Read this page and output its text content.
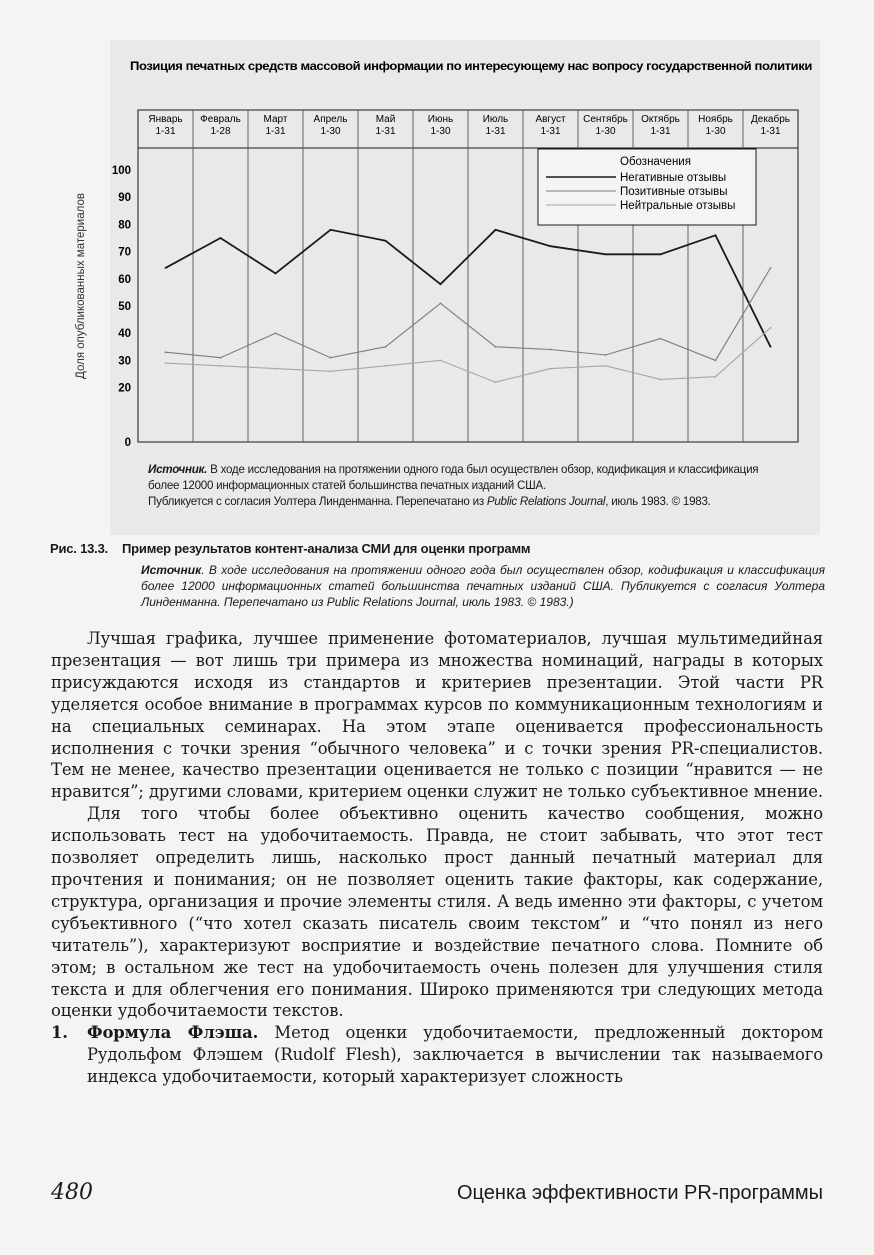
Позиция печатных средств массовой информации по интересующему нас вопросу государственной политики
Доля опубликованных материалов
Январь
1-31
Февраль
1-28
Март
1-31
Апрель
1-30
Май
1-31
Июнь
1-30
Июль
1-31
Август
1-31
Сентябрь
1-30
Октябрь
1-31
Ноябрь
1-30
Декабрь
1-31
0
20
30
40
50
60
70
80
90
100
Обозначения
Негативные отзывы
Позитивные отзывы
Нейтральные отзывы
Источник. В ходе исследования на протяжении одного года был осуществлен обзор, кодификация и классификация
более 12000 информационных статей большинства печатных изданий США.
Публикуется с согласия Уолтера Линденманна. Перепечатано из Public Relations Journal, июль 1983. © 1983.
Рис. 13.3. Пример результатов контент-анализа СМИ для оценки программ
Источник. В ходе исследования на протяжении одного года был осуществлен обзор, кодификация и классификация более 12000 информационных статей большинства печатных изданий США. Публикуется с согласия Уолтера Линденманна. Перепечатано из Public Relations Journal, июль 1983. © 1983.)

Лучшая графика, лучшее применение фотоматериалов, лучшая мультимедийная презентация — вот лишь три примера из множества номинаций, награды в которых присуждаются исходя из стандартов и критериев презентации. Этой части PR уделяется особое внимание в программах курсов по коммуникационным технологиям и на специальных семинарах. На этом этапе оценивается профессиональность исполнения с точки зрения “обычного человека” и с точки зрения PR-специалистов. Тем не менее, качество презентации оценивается не только с позиции “нравится — не нравится”; другими словами, критерием оценки служит не только субъективное мнение.

Для того чтобы более объективно оценить качество сообщения, можно использовать тест на удобочитаемость. Правда, не стоит забывать, что этот тест позволяет определить лишь, насколько прост данный печатный материал для прочтения и понимания; он не позволяет оценить такие факторы, как содержание, структура, организация и прочие элементы стиля. А ведь именно эти факторы, с учетом субъективного (“что хотел сказать писатель своим текстом” и “что понял из него читатель”), характеризуют восприятие и воздействие печатного слова. Помните об этом; в остальном же тест на удобочитаемость очень полезен для улучшения стиля текста и для облегчения его понимания. Широко применяются три следующих метода оценки удобочитаемости текстов.

1. Формула Флэша. Метод оценки удобочитаемости, предложенный доктором Рудольфом Флэшем (Rudolf Flesh), заключается в вычислении так называемого индекса удобочитаемости, который характеризует сложность

480	Оценка эффективности PR-программы
